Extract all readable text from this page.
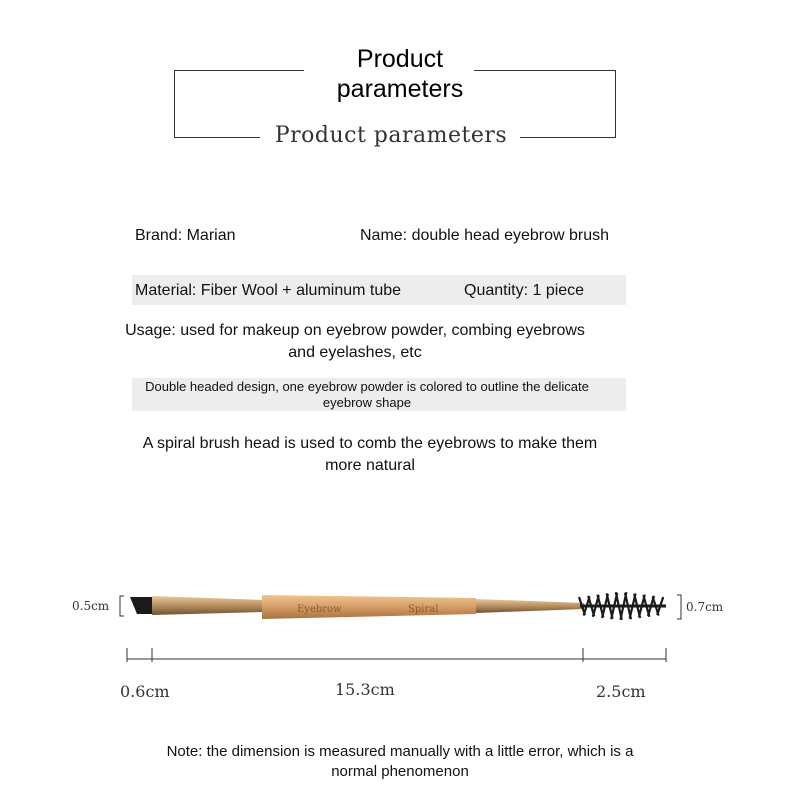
Product parameters
Product parameters
Brand: Marian	Name: double head eyebrow brush
Material: Fiber Wool + aluminum tube	Quantity: 1 piece
Usage: used for makeup on eyebrow powder, combing eyebrows and eyelashes, etc
Double headed design, one eyebrow powder is colored to outline the delicate eyebrow shape
A spiral brush head is used to comb the eyebrows to make them more natural
Eyebrow	Spiral
0.5cm	0.7cm
0.6cm	15.3cm	2.5cm
Note: the dimension is measured manually with a little error, which is a normal phenomenon
